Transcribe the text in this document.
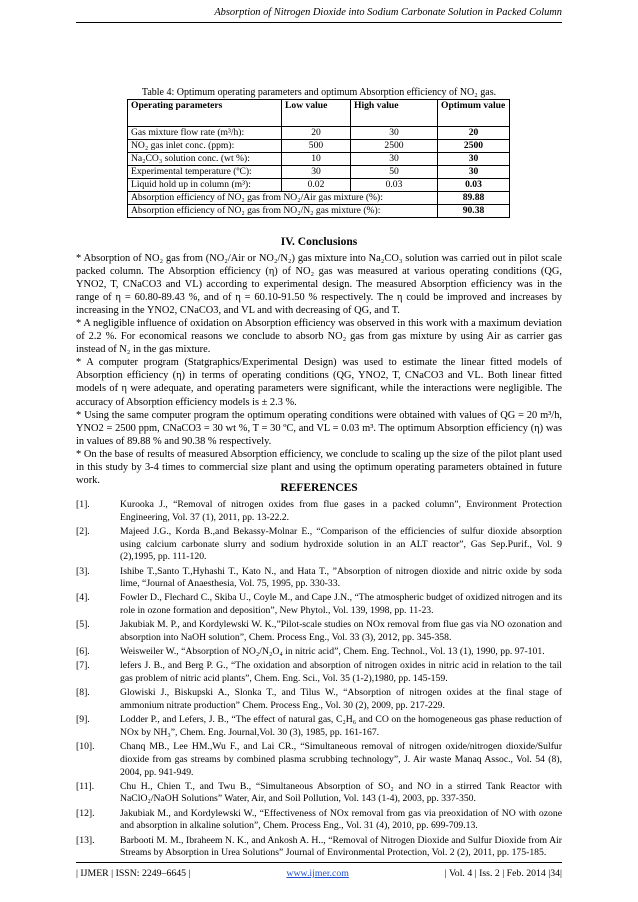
Absorption of Nitrogen Dioxide into Sodium Carbonate Solution in Packed Column
Table 4: Optimum operating parameters and optimum Absorption efficiency of NO₂ gas.
Operating parameters	Low value	High value	Optimum value
Gas mixture flow rate (m³/h):	20	30	20
NO₂ gas inlet conc. (ppm):	500	2500	2500
Na₂CO₃ solution conc. (wt %):	10	30	30
Experimental temperature (ºC):	30	50	30
Liquid hold up in column (m³):	0.02	0.03	0.03
Absorption efficiency of NO₂ gas from NO₂/Air gas mixture (%):			89.88
Absorption efficiency of NO₂ gas from NO₂/N₂ gas mixture (%):			90.38
IV. Conclusions

* Absorption of NO₂ gas from (NO₂/Air or NO₂/N₂) gas mixture into Na₂CO₃ solution was carried out in pilot scale packed column. The Absorption efficiency (η) of NO₂ gas was measured at various operating conditions (QG, YNO2, T, CNaCO3 and VL) according to experimental design. The measured Absorption efficiency was in the range of η = 60.80-89.43 %, and of η = 60.10-91.50 % respectively. The η could be improved and increases by increasing in the YNO2, CNaCO3, and VL and with decreasing of QG, and T.

* A negligible influence of oxidation on Absorption efficiency was observed in this work with a maximum deviation of 2.2 %. For economical reasons we conclude to absorb NO₂ gas from gas mixture by using Air as carrier gas instead of N₂ in the gas mixture.

* A computer program (Statgraphics/Experimental Design) was used to estimate the linear fitted models of Absorption efficiency (η) in terms of operating conditions (QG, YNO2, T, CNaCO3 and VL. Both linear fitted models of η were adequate, and operating parameters were significant, while the interactions were negligible. The accuracy of Absorption efficiency models is ± 2.3 %.

* Using the same computer program the optimum operating conditions were obtained with values of QG = 20 m³/h, YNO2 = 2500 ppm, CNaCO3 = 30 wt %, T = 30 ºC, and VL = 0.03 m³. The optimum Absorption efficiency (η) was in values of 89.88 % and 90.38 % respectively.

* On the base of results of measured Absorption efficiency, we conclude to scaling up the size of the pilot plant used in this study by 3-4 times to commercial size plant and using the optimum operating parameters obtained in future work.

REFERENCES
[1].	Kurooka J., “Removal of nitrogen oxides from flue gases in a packed column”, Environment Protection Engineering, Vol. 37 (1), 2011, pp. 13-22.2.
[2].	Majeed J.G., Korda B.,and Bekassy-Molnar E., “Comparison of the efficiencies of sulfur dioxide absorption using calcium carbonate slurry and sodium hydroxide solution in an ALT reactor”, Gas Sep.Purif., Vol. 9 (2),1995, pp. 111-120.
[3].	Ishibe T.,Santo T.,Hyhashi T., Kato N., and Hata T., ”Absorption of nitrogen dioxide and nitric oxide by soda lime, “Journal of Anaesthesia, Vol. 75, 1995, pp. 330-33.
[4].	Fowler D., Flechard C., Skiba U., Coyle M., and Cape J.N., “The atmospheric budget of oxidized nitrogen and its role in ozone formation and deposition”, New Phytol., Vol. 139, 1998, pp. 11-23.
[5].	Jakubiak M. P., and Kordylewski W. K.,”Pilot-scale studies on NOx removal from flue gas via NO ozonation and absorption into NaOH solution”, Chem. Process Eng., Vol. 33 (3), 2012, pp. 345-358.
[6].	Weisweiler W., “Absorption of NO₂/N₂O₄ in nitric acid”, Chem. Eng. Technol., Vol. 13 (1), 1990, pp. 97-101.
[7].	lefers J. B., and Berg P. G., “The oxidation and absorption of nitrogen oxides in nitric acid in relation to the tail gas problem of nitric acid plants”, Chem. Eng. Sci., Vol. 35 (1-2),1980, pp. 145-159.
[8].	Glowiski J., Biskupski A., Slonka T., and Tilus W., “Absorption of nitrogen oxides at the final stage of ammonium nitrate production” Chem. Process Eng., Vol. 30 (2), 2009, pp. 217-229.
[9].	Lodder P., and Lefers, J. B., “The effect of natural gas, C₂H₆ and CO on the homogeneous gas phase reduction of NOx by NH₃”, Chem. Eng. Journal,Vol. 30 (3), 1985, pp. 161-167.
[10].	Chanq MB., Lee HM.,Wu F., and Lai CR., “Simultaneous removal of nitrogen oxide/nitrogen dioxide/Sulfur dioxide from gas streams by combined plasma scrubbing technology”, J. Air waste Manaq Assoc., Vol. 54 (8), 2004, pp. 941-949.
[11].	Chu H., Chien T., and Twu B., “Simultaneous Absorption of SO₂ and NO in a stirred Tank Reactor with NaClO₂/NaOH Solutions” Water, Air, and Soil Pollution, Vol. 143 (1-4), 2003, pp. 337-350.
[12].	Jakubiak M., and Kordylewski W., “Effectiveness of NOx removal from gas via preoxidation of NO with ozone and absorption in alkaline solution”, Chem. Process Eng., Vol. 31 (4), 2010, pp. 699-709.13.
[13].	Barbooti M. M., Ibraheem N. K., and Ankosh A. H.., “Removal of Nitrogen Dioxide and Sulfur Dioxide from Air Streams by Absorption in Urea Solutions” Journal of Environmental Protection, Vol. 2 (2), 2011, pp. 175-185.
| IJMER | ISSN: 2249–6645 |	www.ijmer.com	| Vol. 4 | Iss. 2 | Feb. 2014 |34|
